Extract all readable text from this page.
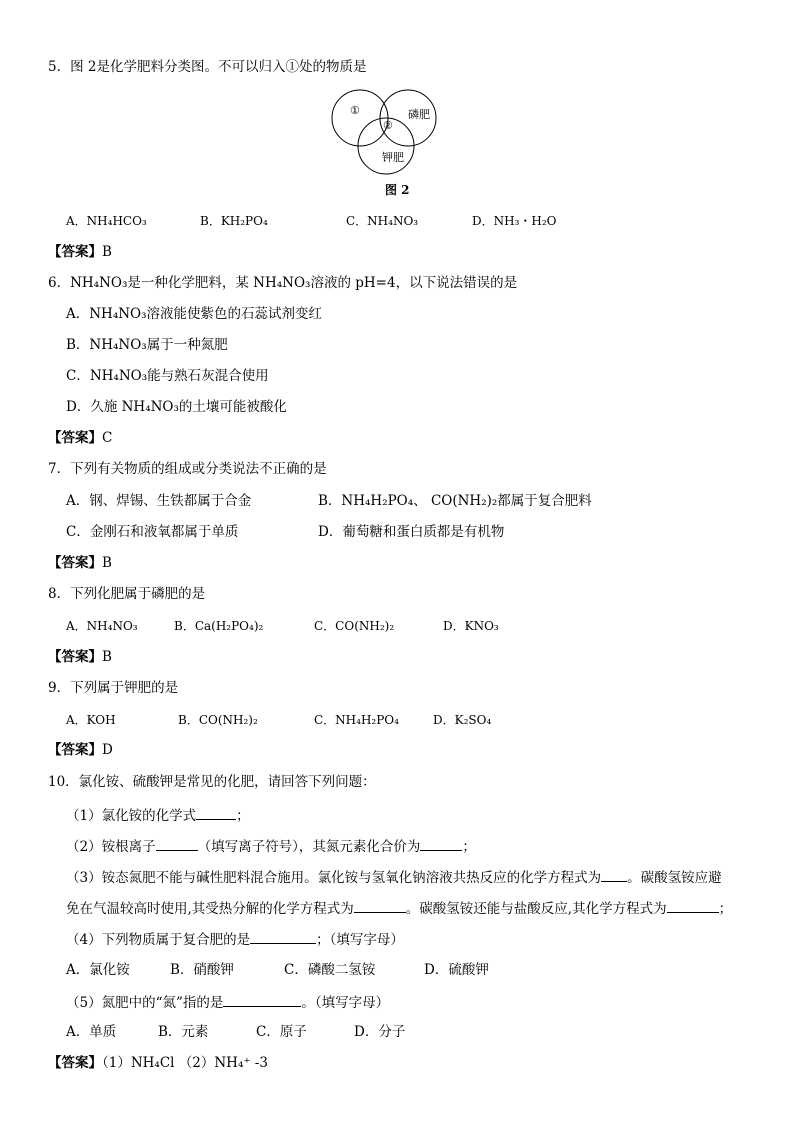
5．图 2是化学肥料分类图。不可以归入①处的物质是
①
②
磷肥
钾肥
图 2
A．NH₄HCO₃	B．KH₂PO₄	C．NH₄NO₃	D．NH₃・H₂O
【答案】B
6．NH₄NO₃是一种化学肥料，某 NH₄NO₃溶液的 pH=4，以下说法错误的是
A．NH₄NO₃溶液能使紫色的石蕊试剂变红
B．NH₄NO₃属于一种氮肥
C．NH₄NO₃能与熟石灰混合使用
D．久施 NH₄NO₃的土壤可能被酸化
【答案】C
7．下列有关物质的组成或分类说法不正确的是
A．钢、焊锡、生铁都属于合金	B．NH₄H₂PO₄、 CO(NH₂)₂都属于复合肥料
C．金刚石和液氧都属于单质	D．葡萄糖和蛋白质都是有机物
【答案】B
8．下列化肥属于磷肥的是
A．NH₄NO₃	B．Ca(H₂PO₄)₂	C．CO(NH₂)₂	D．KNO₃
【答案】B
9．下列属于钾肥的是
A．KOH	B．CO(NH₂)₂	C．NH₄H₂PO₄	D．K₂SO₄
【答案】D
10．氯化铵、硫酸钾是常见的化肥，请回答下列问题：
（1）氯化铵的化学式	；
（2）铵根离子	（填写离子符号），其氮元素化合价为	；
（3）铵态氮肥不能与碱性肥料混合施用。氯化铵与氢氧化钠溶液共热反应的化学方程式为 。碳酸氢铵应避
免在气温较高时使用,其受热分解的化学方程式为	。碳酸氢铵还能与盐酸反应,其化学方程式为	；
（4）下列物质属于复合肥的是	；（填写字母）
A．氯化铵	B．硝酸钾	C．磷酸二氢铵	D．硫酸钾
（5）氮肥中的“氮”指的是	。（填写字母）
A．单质	B．元素	C．原子	D．分子
【答案】（1）NH₄Cl （2）NH₄⁺ -3
